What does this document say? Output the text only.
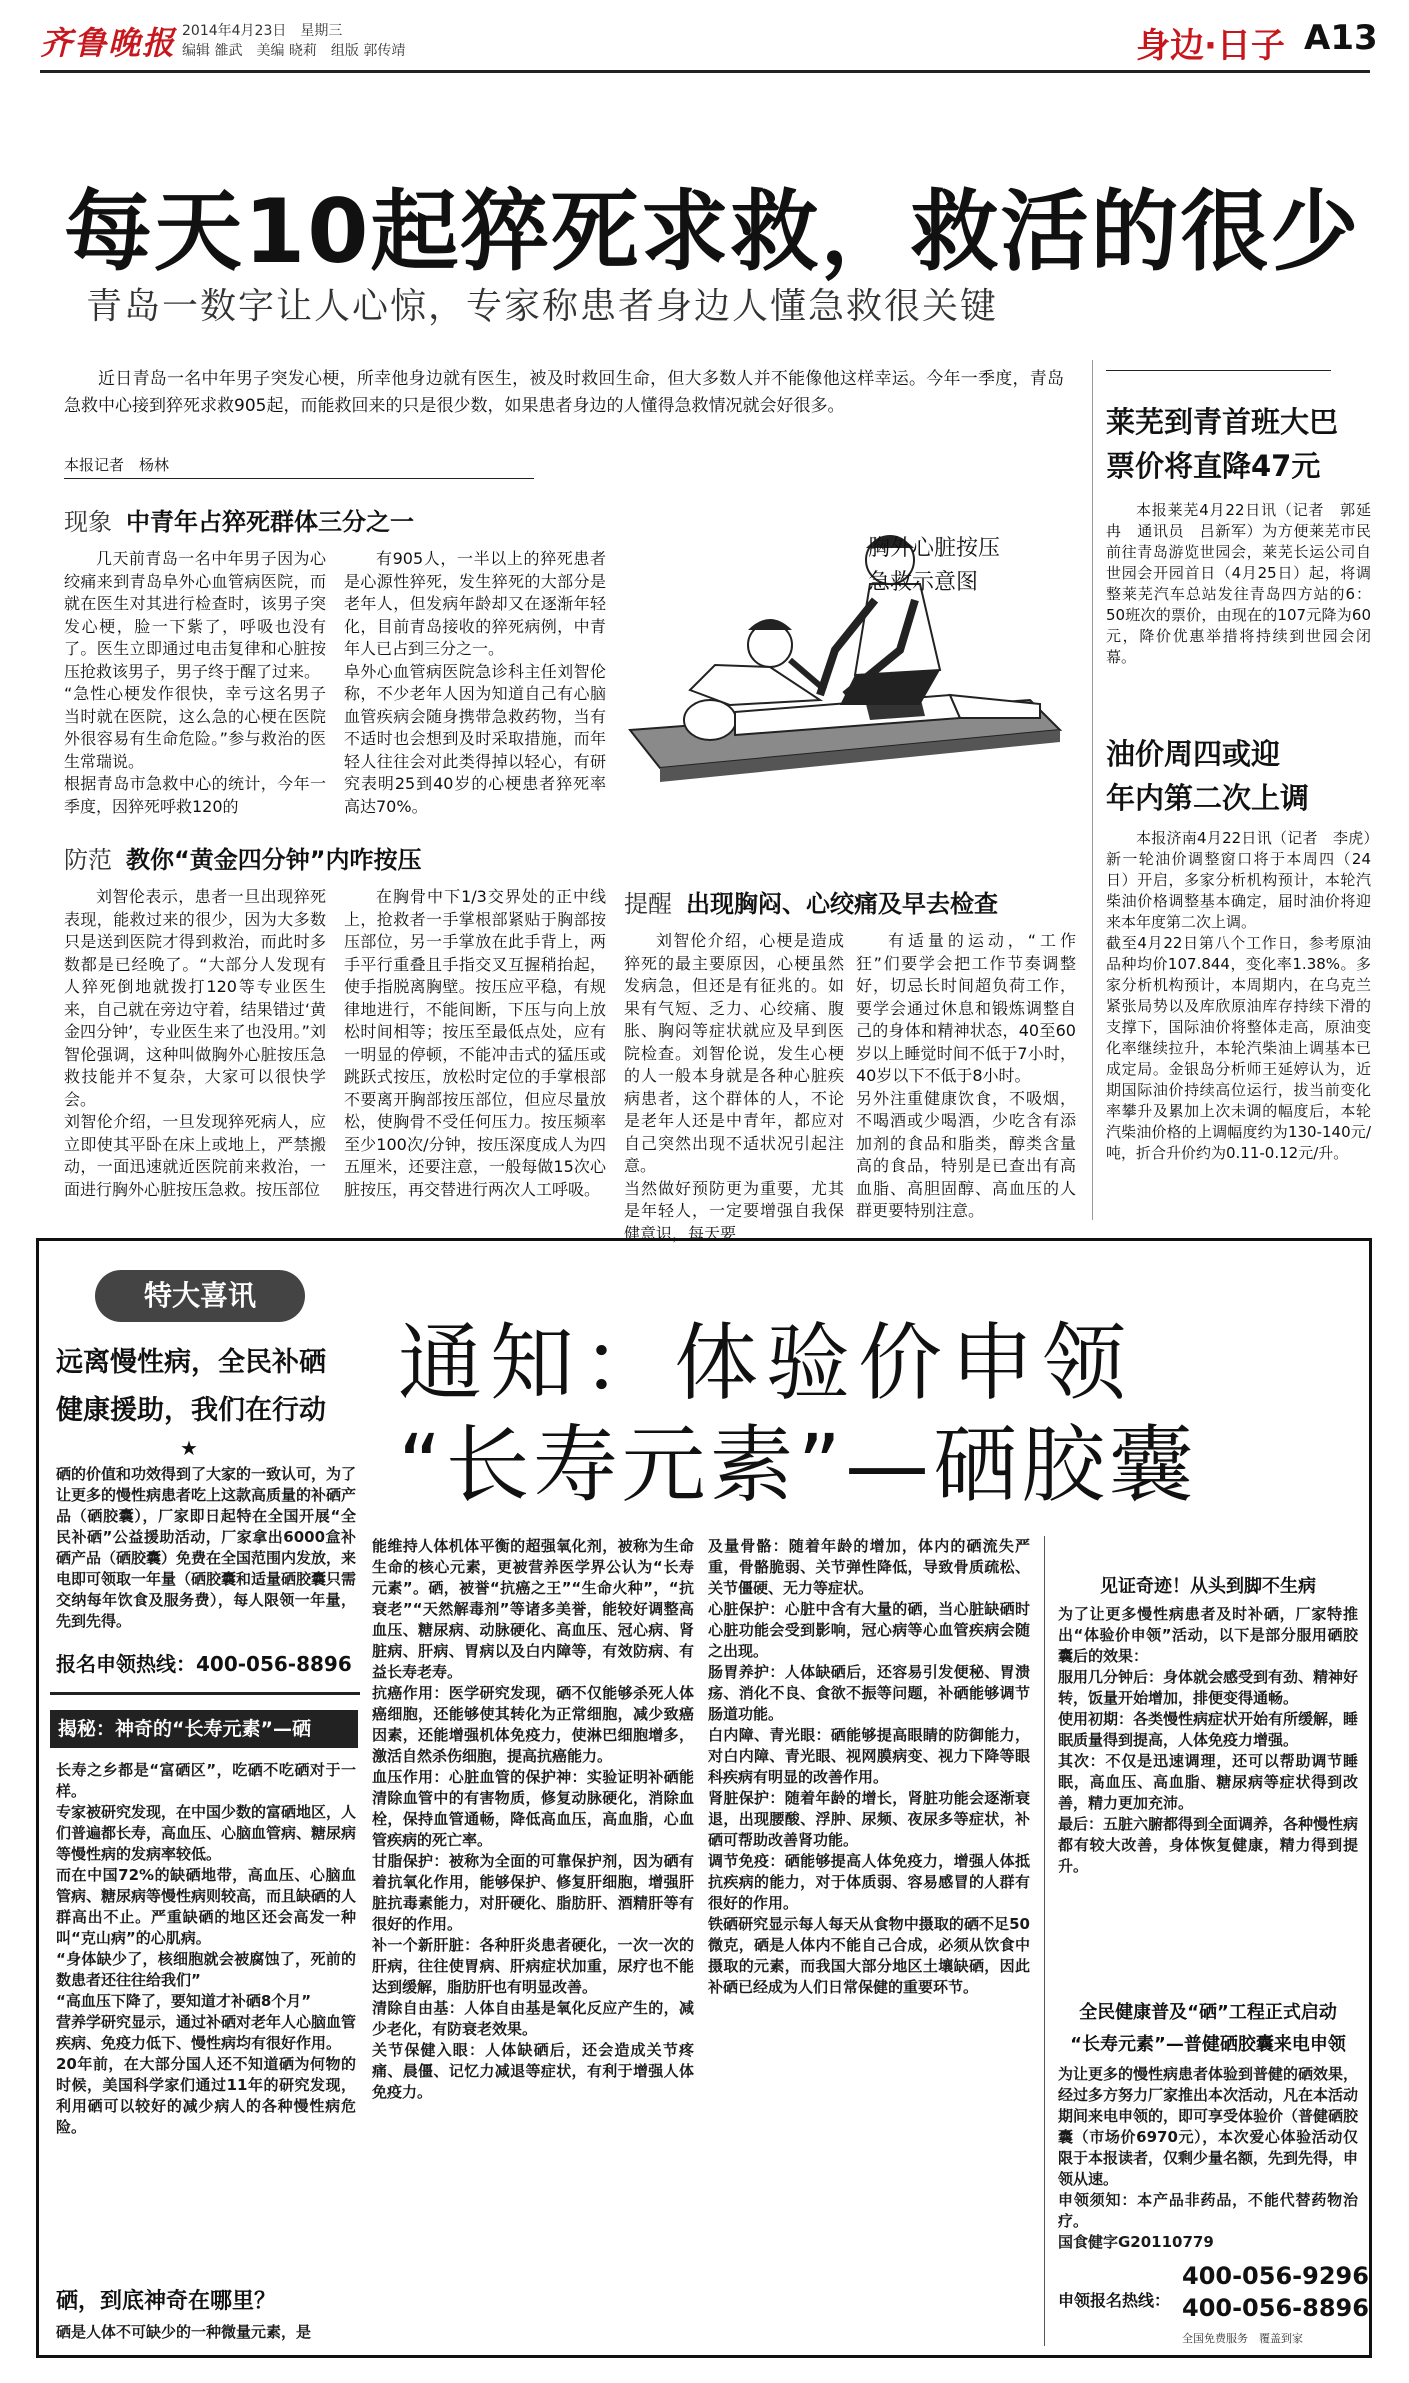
齐鲁晚报 2014年4月23日　星期三
编辑 雒武　美编 晓莉　组版 郭传靖	身边·日子 A13
每天10起猝死求救，救活的很少
青岛一数字让人心惊，专家称患者身边人懂急救很关键
近日青岛一名中年男子突发心梗，所幸他身边就有医生，被及时救回生命，但大多数人并不能像他这样幸运。今年一季度，青岛急救中心接到猝死求救905起，而能救回来的只是很少数，如果患者身边的人懂得急救情况就会好很多。
本报记者　杨林
现象 中青年占猝死群体三分之一
几天前青岛一名中年男子因为心绞痛来到青岛阜外心血管病医院，而就在医生对其进行检查时，该男子突发心梗，脸一下紫了，呼吸也没有了。医生立即通过电击复律和心脏按压抢救该男子，男子终于醒了过来。
“急性心梗发作很快，幸亏这名男子当时就在医院，这么急的心梗在医院外很容易有生命危险。”参与救治的医生常瑞说。
根据青岛市急救中心的统计，今年一季度，因猝死呼救120的
有905人，一半以上的猝死患者是心源性猝死，发生猝死的大部分是老年人，但发病年龄却又在逐渐年轻化，目前青岛接收的猝死病例，中青年人已占到三分之一。
阜外心血管病医院急诊科主任刘智伦称，不少老年人因为知道自己有心脑血管疾病会随身携带急救药物，当有不适时也会想到及时采取措施，而年轻人往往会对此类得掉以轻心，有研究表明25到40岁的心梗患者猝死率高达70%。
胸外心脏按压
急救示意图
防范 教你“黄金四分钟”内咋按压
刘智伦表示，患者一旦出现猝死表现，能救过来的很少，因为大多数只是送到医院才得到救治，而此时多数都是已经晚了。“大部分人发现有人猝死倒地就拨打120等专业医生来，自己就在旁边守着，结果错过‘黄金四分钟’，专业医生来了也没用。”刘智伦强调，这种叫做胸外心脏按压急救技能并不复杂，大家可以很快学会。
刘智伦介绍，一旦发现猝死病人，应立即使其平卧在床上或地上，严禁搬动，一面迅速就近医院前来救治，一面进行胸外心脏按压急救。按压部位
在胸骨中下1/3交界处的正中线上，抢救者一手掌根部紧贴于胸部按压部位，另一手掌放在此手背上，两手平行重叠且手指交叉互握稍抬起，使手指脱离胸壁。按压应平稳，有规律地进行，不能间断，下压与向上放松时间相等；按压至最低点处，应有一明显的停顿，不能冲击式的猛压或跳跃式按压，放松时定位的手掌根部不要离开胸部按压部位，但应尽量放松，使胸骨不受任何压力。按压频率至少100次/分钟，按压深度成人为四五厘米，还要注意，一般每做15次心脏按压，再交替进行两次人工呼吸。
提醒 出现胸闷、心绞痛及早去检查
刘智伦介绍，心梗是造成猝死的最主要原因，心梗虽然发病急，但还是有征兆的。如果有气短、乏力、心绞痛、腹胀、胸闷等症状就应及早到医院检查。刘智伦说，发生心梗的人一般本身就是各种心脏疾病患者，这个群体的人，不论是老年人还是中青年，都应对自己突然出现不适状况引起注意。
当然做好预防更为重要，尤其是年轻人，一定要增强自我保健意识，每天要
有适量的运动，“工作狂”们要学会把工作节奏调整好，切忌长时间超负荷工作，要学会通过休息和锻炼调整自己的身体和精神状态，40至60岁以上睡觉时间不低于7小时，40岁以下不低于8小时。
另外注重健康饮食，不吸烟，不喝酒或少喝酒，少吃含有添加剂的食品和脂类，醇类含量高的食品，特别是已查出有高血脂、高胆固醇、高血压的人群更要特别注意。
莱芜到青首班大巴
票价将直降47元
本报莱芜4月22日讯（记者　郭延冉　通讯员　吕新军）为方便莱芜市民前往青岛游览世园会，莱芜长运公司自世园会开园首日（4月25日）起，将调整莱芜汽车总站发往青岛四方站的6：50班次的票价，由现在的107元降为60元，降价优惠举措将持续到世园会闭幕。
油价周四或迎
年内第二次上调
本报济南4月22日讯（记者　李虎）新一轮油价调整窗口将于本周四（24日）开启，多家分析机构预计，本轮汽柴油价格调整基本确定，届时油价将迎来本年度第二次上调。
截至4月22日第八个工作日，参考原油品种均价107.844，变化率1.38%。多家分析机构预计，本周期内，在乌克兰紧张局势以及库欣原油库存持续下滑的支撑下，国际油价将整体走高，原油变化率继续拉升，本轮汽柴油上调基本已成定局。金银岛分析师王延婷认为，近期国际油价持续高位运行，拔当前变化率攀升及累加上次未调的幅度后，本轮汽柴油价格的上调幅度约为130-140元/吨，折合升价约为0.11-0.12元/升。
特大喜讯
远离慢性病，全民补硒
健康援助，我们在行动
★
硒的价值和功效得到了大家的一致认可，为了让更多的慢性病患者吃上这款高质量的补硒产品（硒胶囊），厂家即日起特在全国开展“全民补硒”公益援助活动，厂家拿出6000盒补硒产品（硒胶囊）免费在全国范围内发放，来电即可领取一年量（硒胶囊和适量硒胶囊只需交纳每年饮食及服务费），每人限领一年量，先到先得。
报名申领热线：400-056-8896
揭秘：神奇的“长寿元素”—硒
长寿之乡都是“富硒区”，吃硒不吃硒对于一样。
专家被研究发现，在中国少数的富硒地区，人们普遍都长寿，高血压、心脑血管病、糖尿病等慢性病的发病率较低。
而在中国72%的缺硒地带，高血压、心脑血管病、糖尿病等慢性病则较高，而且缺硒的人群高出不止。严重缺硒的地区还会高发一种叫“克山病”的心肌病。
“身体缺少了，核细胞就会被腐蚀了，死前的数患者还往往给我们”
“高血压下降了，要知道才补硒8个月”
营养学研究显示，通过补硒对老年人心脑血管疾病、免疫力低下、慢性病均有很好作用。
20年前，在大部分国人还不知道硒为何物的时候，美国科学家们通过11年的研究发现，利用硒可以较好的减少病人的各种慢性病危险。
硒，到底神奇在哪里？
硒是人体不可缺少的一种微量元素，是
通知：体验价申领
“长寿元素”—硒胶囊
能维持人体机体平衡的超强氧化剂，被称为生命生命的核心元素，更被营养医学界公认为“长寿元素”。硒，被誉“抗癌之王”“生命火种”，“抗衰老”“天然解毒剂”等诸多美誉，能较好调整高血压、糖尿病、动脉硬化、高血压、冠心病、肾脏病、肝病、胃病以及白内障等，有效防病、有益长寿老寿。
抗癌作用：医学研究发现，硒不仅能够杀死人体癌细胞，还能够使其转化为正常细胞，减少致癌因素，还能增强机体免疫力，使淋巴细胞增多，激活自然杀伤细胞，提高抗癌能力。
血压作用：心脏血管的保护神：实验证明补硒能清除血管中的有害物质，修复动脉硬化，消除血栓，保持血管通畅，降低高血压，高血脂，心血管疾病的死亡率。
甘脂保护：被称为全面的可靠保护剂，因为硒有着抗氧化作用，能够保护、修复肝细胞，增强肝脏抗毒素能力，对肝硬化、脂肪肝、酒精肝等有很好的作用。
补一个新肝脏：各种肝炎患者硬化，一次一次的肝病，往往使胃病、肝病症状加重，尿疗也不能达到缓解，脂肪肝也有明显改善。
清除自由基：人体自由基是氧化反应产生的，减少老化，有防衰老效果。
关节保健入眼：人体缺硒后，还会造成关节疼痛、晨僵、记忆力减退等症状，有利于增强人体免疫力。
及量骨骼：随着年龄的增加，体内的硒流失严重，骨骼脆弱、关节弹性降低，导致骨质疏松、关节僵硬、无力等症状。
心脏保护：心脏中含有大量的硒，当心脏缺硒时心脏功能会受到影响，冠心病等心血管疾病会随之出现。
肠胃养护：人体缺硒后，还容易引发便秘、胃溃疡、消化不良、食欲不振等问题，补硒能够调节肠道功能。
白内障、青光眼：硒能够提高眼睛的防御能力，对白内障、青光眼、视网膜病变、视力下降等眼科疾病有明显的改善作用。
肾脏保护：随着年龄的增长，肾脏功能会逐渐衰退，出现腰酸、浮肿、尿频、夜尿多等症状，补硒可帮助改善肾功能。
调节免疫：硒能够提高人体免疫力，增强人体抵抗疾病的能力，对于体质弱、容易感冒的人群有很好的作用。
铁硒研究显示每人每天从食物中摄取的硒不足50微克，硒是人体内不能自己合成，必须从饮食中摄取的元素，而我国大部分地区土壤缺硒，因此补硒已经成为人们日常保健的重要环节。
见证奇迹！从头到脚不生病
为了让更多慢性病患者及时补硒，厂家特推出“体验价申领”活动，以下是部分服用硒胶囊后的效果：
服用几分钟后：身体就会感受到有劲、精神好转，饭量开始增加，排便变得通畅。
使用初期：各类慢性病症状开始有所缓解，睡眠质量得到提高，人体免疫力增强。
其次：不仅是迅速调理，还可以帮助调节睡眠，高血压、高血脂、糖尿病等症状得到改善，精力更加充沛。
最后：五脏六腑都得到全面调养，各种慢性病都有较大改善，身体恢复健康，精力得到提升。
全民健康普及“硒”工程正式启动
“长寿元素”—普健硒胶囊来电申领
为让更多的慢性病患者体验到普健的硒效果，经过多方努力厂家推出本次活动，凡在本活动期间来电申领的，即可享受体验价（普健硒胶囊（市场价6970元），本次爱心体验活动仅限于本报读者，仅剩少量名额，先到先得，申领从速。
申领须知：本产品非药品，不能代替药物治疗。
国食健字G20110779
申领报名热线：
400-056-9296
400-056-8896
全国免费服务　覆盖到家
